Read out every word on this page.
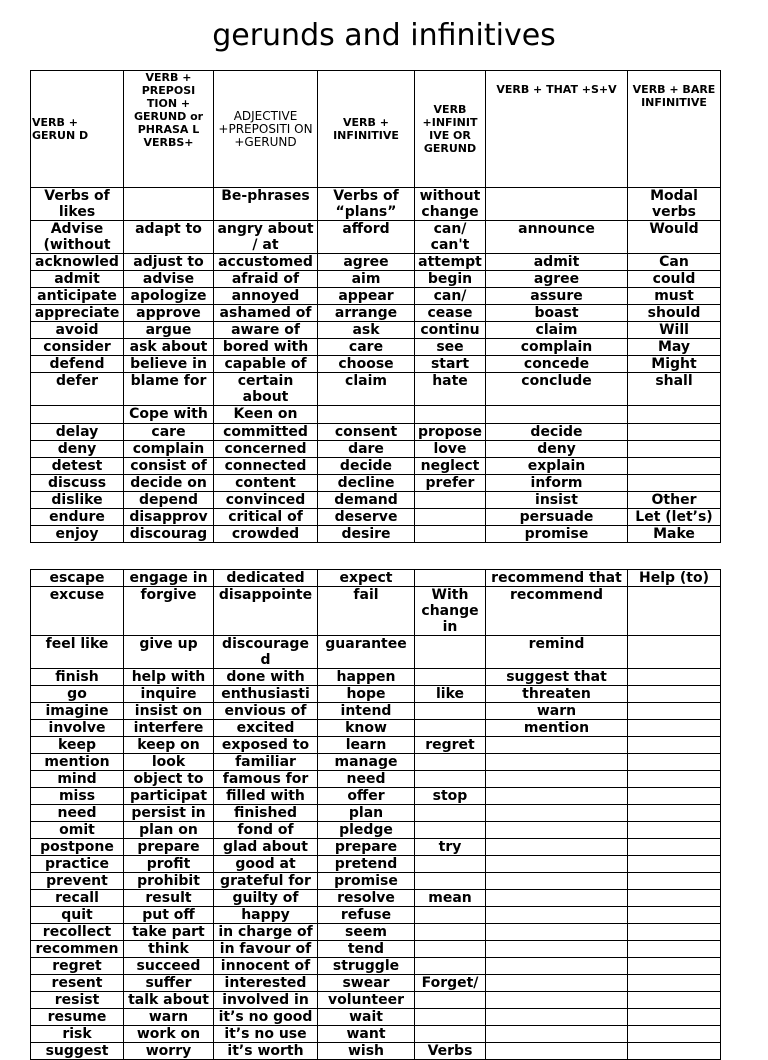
gerunds and infinitives
VERB + GERUN D	VERB + PREPOSI TION + GERUND or PHRASA L VERBS+	ADJECTIVE +PREPOSITI ON +GERUND	VERB + INFINITIVE	VERB +INFINIT IVE OR GERUND	VERB + THAT +S+V	VERB + BARE INFINITIVE
Verbs of likes		Be-phrases	Verbs of “plans”	without change		Modal verbs
Advise (without	adapt to	angry about / at	afford	can/ can't	announce	Would
acknowled	adjust to	accustomed	agree	attempt	admit	Can
admit	advise	afraid of	aim	begin	agree	could
anticipate	apologize	annoyed	appear	can/	assure	must
appreciate	approve	ashamed of	arrange	cease	boast	should
avoid	argue	aware of	ask	continu	claim	Will
consider	ask about	bored with	care	see	complain	May
defend	believe in	capable of	choose	start	concede	Might
defer	blame for	certain about	claim	hate	conclude	shall
	Cope with	Keen on				
delay	care	committed	consent	propose	decide	
deny	complain	concerned	dare	love	deny	
detest	consist of	connected	decide	neglect	explain	
discuss	decide on	content	decline	prefer	inform	
dislike	depend	convinced	demand		insist	Other
endure	disapprov	critical of	deserve		persuade	Let (let’s)
enjoy	discourag	crowded	desire		promise	Make
escape	engage in	dedicated	expect		recommend that	Help (to)
excuse	forgive	disappointe	fail	With change in	recommend	
feel like	give up	discourage d	guarantee		remind	
finish	help with	done with	happen		suggest that	
go	inquire	enthusiasti	hope	like	threaten	
imagine	insist on	envious of	intend		warn	
involve	interfere	excited	know		mention	
keep	keep on	exposed to	learn	regret		
mention	look	familiar	manage			
mind	object to	famous for	need			
miss	participat	filled with	offer	stop		
need	persist in	finished	plan			
omit	plan on	fond of	pledge			
postpone	prepare	glad about	prepare	try		
practice	profit	good at	pretend			
prevent	prohibit	grateful for	promise			
recall	result	guilty of	resolve	mean		
quit	put off	happy	refuse			
recollect	take part	in charge of	seem			
recommen	think	in favour of	tend			
regret	succeed	innocent of	struggle			
resent	suffer	interested	swear	Forget/		
resist	talk about	involved in	volunteer			
resume	warn	it’s no good	wait			
risk	work on	it’s no use	want			
suggest	worry	it’s worth	wish	Verbs		
